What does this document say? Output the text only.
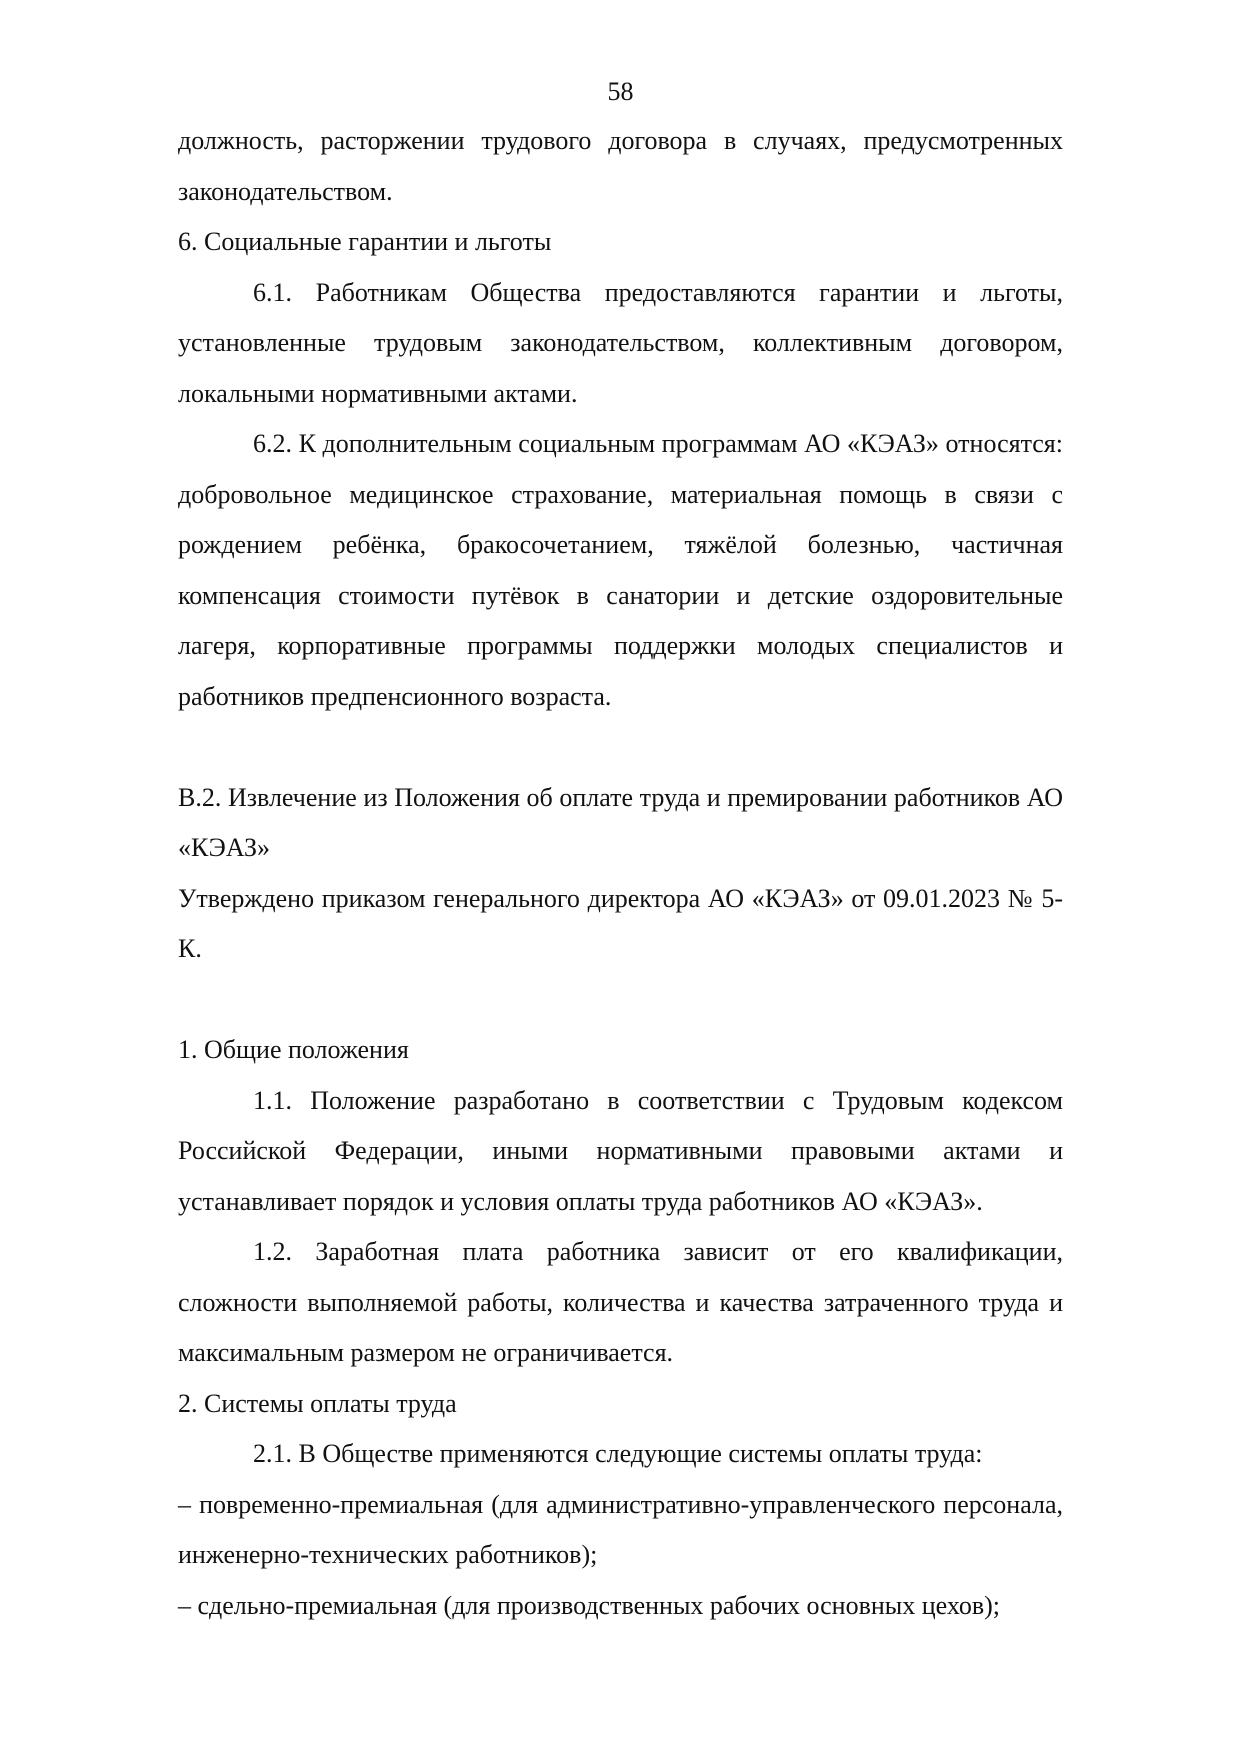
58

должность, расторжении трудового договора в случаях, предусмотренных законодательством.

6. Социальные гарантии и льготы

6.1. Работникам Общества предоставляются гарантии и льготы, установленные трудовым законодательством, коллективным договором, локальными нормативными актами.

6.2. К дополнительным социальным программам АО «КЭАЗ» относятся: добровольное медицинское страхование, материальная помощь в связи с рождением ребёнка, бракосочетанием, тяжёлой болезнью, частичная компенсация стоимости путёвок в санатории и детские оздоровительные лагеря, корпоративные программы поддержки молодых специалистов и работников предпенсионного возраста.

В.2. Извлечение из Положения об оплате труда и премировании работников АО «КЭАЗ»

Утверждено приказом генерального директора АО «КЭАЗ» от 09.01.2023 № 5-К.

1. Общие положения

1.1. Положение разработано в соответствии с Трудовым кодексом Российской Федерации, иными нормативными правовыми актами и устанавливает порядок и условия оплаты труда работников АО «КЭАЗ».

1.2. Заработная плата работника зависит от его квалификации, сложности выполняемой работы, количества и качества затраченного труда и максимальным размером не ограничивается.

2. Системы оплаты труда

2.1. В Обществе применяются следующие системы оплаты труда:

– повременно-премиальная (для административно-управленческого персонала, инженерно-технических работников);

– сдельно-премиальная (для производственных рабочих основных цехов);
